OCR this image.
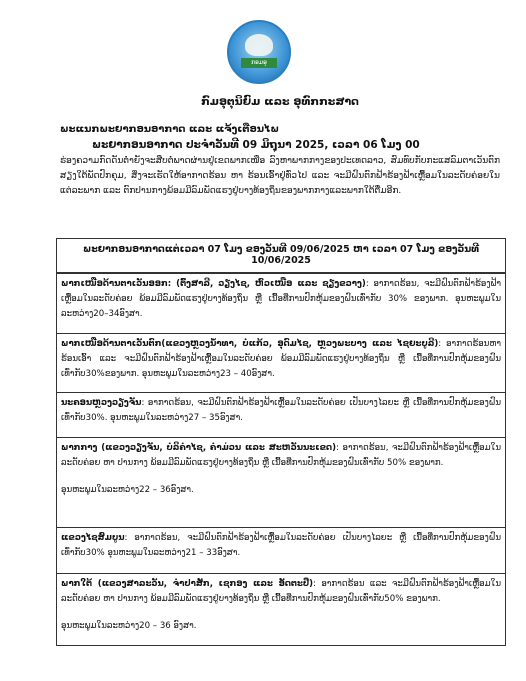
ກອມອຸ
ກົມອຸຕຸນິຍົມ ແລະ ອຸທົກກະສາດ
ພະແນກພະຍາກອນອາກາດ ແລະ ແຈ້ງເຕືອນໄພ
ພະຍາກອນອາກາດ ປະຈຳວັນທີ 09 ມິຖຸນາ 2025, ເວລາ 06 ໂມງ 00

ຮ່ອງຄວາມກົດດັນຕໍ່າຍັງຈະສືບຕໍ່ພາດຜ່ານຢູ່ເຂດພາກເໜືອ ລົງຫາພາກກາງຂອງປະເທດລາວ, ສົມທົບກັບກະແສລົມຕາເວັນຕົກສຽງໃຕ້ພັດປົກຄຸມ, ສິ່ງຈະເຮັດໃຫ້ອາກາດຮ້ອນ ຫາ ຮ້ອນເອົ້າຢູ່ທົ່ວໄປ ແລະ ຈະມີຝົນຕົກຟ້າຮ້ອງຟ້າເຫຼື້ອມໃນລະດັບຄ່ອຍໃນແຕ່ລະພາກ ແລະ ຕົກປານກາງພ້ອມມີລົມພັດແຮງຢູ່ບາງທ້ອງຖິ່ນຂອງພາກກາງແລະພາກໃຕ້ຕື່ມອີກ.

ພະຍາກອນອາກາດແຕ່ເວລາ 07 ໂມງ ຂອງວັນທີ 09/06/2025 ຫາ ເວລາ 07 ໂມງ ຂອງວັນທີ 10/06/2025

ພາກເໜືອດ້ານຕາເວັນອອກ: (ຕົ້ງສາລີ, ວຽງໄຊ, ຫົວເໜືອ ແລະ ຊຽງຂວາງ): ອາກາດຮ້ອນ, ຈະມີຝົນຕົກຟ້າຮ້ອງຟ້າເຫຼື້ອມໃນລະດັບຄ່ອຍ ພ້ອມມີລົມພັດແຮງຢູ່ບາງທ້ອງຖິ່ນ ຫຼື ເນື້ອທີ່ການປົກຫຸ້ມຂອງຝົນເທົ່າກັບ 30% ຂອງພາກ. ອຸນຫະພູມໃນລະຫວ່າງ20–34ອົງສາ.

ພາກເໜືອດ້ານຕາເວັນຕົກ(ແຂວງຫຼວງນ້ຳທາ, ບໍ່ແກ້ວ, ອຸດົມໄຊ, ຫຼວງພະບາງ ແລະ ໄຊຍະບູລີ): ອາກາດຮ້ອນຫາຮ້ອນເອົ້າ ແລະ ຈະມີຝົນຕົກຟ້າຮ້ອງຟ້າເຫຼື້ອມໃນລະດັບຄ່ອຍ ພ້ອມມີລົມພັດແຮງຢູ່ບາງທ້ອງຖິ່ນ ຫຼື ເນື້ອທີ່ການປົກຫຸ້ມຂອງຝົນເທົ່າກັບ30%ຂອງພາກ. ອຸນຫະພູມໃນລະຫວ່າງ23 – 40ອົງສາ.

ນະຄອນຫຼວງວຽງຈັນ: ອາກາດຮ້ອນ, ຈະມີຝົນຕົກຟ້າຮ້ອງຟ້າເຫຼື້ອມໃນລະດັບຄ່ອຍ ເປັນບາງໄລຍະ ຫຼື ເນື້ອທີ່ການປົກຫຸ້ມຂອງຝົນເທົ່າກັບ30%. ອຸນຫະພູມໃນລະຫວ່າງ27 – 35ອົງສາ.

ພາກກາງ (ແຂວງວຽງຈັນ, ບໍລິຄຳໄຊ, ຄຳມ່ວນ ແລະ ສະຫວັນນະເຂດ): ອາກາດຮ້ອນ, ຈະມີຝົນຕົກຟ້າຮ້ອງຟ້າເຫຼື້ອມໃນລະດັບຄ່ອຍ ຫາ ປານກາງ ພ້ອມມີລົມພັດແຮງຢູ່ບາງທ້ອງຖິ່ນ ຫຼື ເນື້ອທີ່ການປົກຫຸ້ມຂອງຝົນເທົ່າກັບ 50% ຂອງພາກ.

ອຸນຫະພູມໃນລະຫວ່າງ22 – 36ອົງສາ.

ແຂວງໄຊສົມບູນ: ອາກາດຮ້ອນ, ຈະມີຝົນຕົກຟ້າຮ້ອງຟ້າເຫຼື້ອມໃນລະດັບຄ່ອຍ ເປັນບາງໄລຍະ ຫຼື ເນື້ອທີ່ການປົກຫຸ້ມຂອງຝົນເທົ່າກັບ30% ອຸນຫະພູມໃນລະຫວ່າງ21 – 33ອົງສາ.

ພາກໃຕ້ (ແຂວງສາລະວັນ, ຈຳປາສັກ, ເຊກອງ ແລະ ອັດຕະປື): ອາກາດຮ້ອນ ແລະ ຈະມີຝົນຕົກຟ້າຮ້ອງຟ້າເຫຼື້ອມໃນລະດັບຄ່ອຍ ຫາ ປານກາງ ພ້ອມມີລົມພັດແຮງຢູ່ບາງທ້ອງຖິ່ນ ຫຼື ເນື້ອທີ່ການປົກຫຸ້ມຂອງຝົນເທົ່າກັບ50% ຂອງພາກ.

ອຸນຫະພູມໃນລະຫວ່າງ20 – 36 ອົງສາ.
